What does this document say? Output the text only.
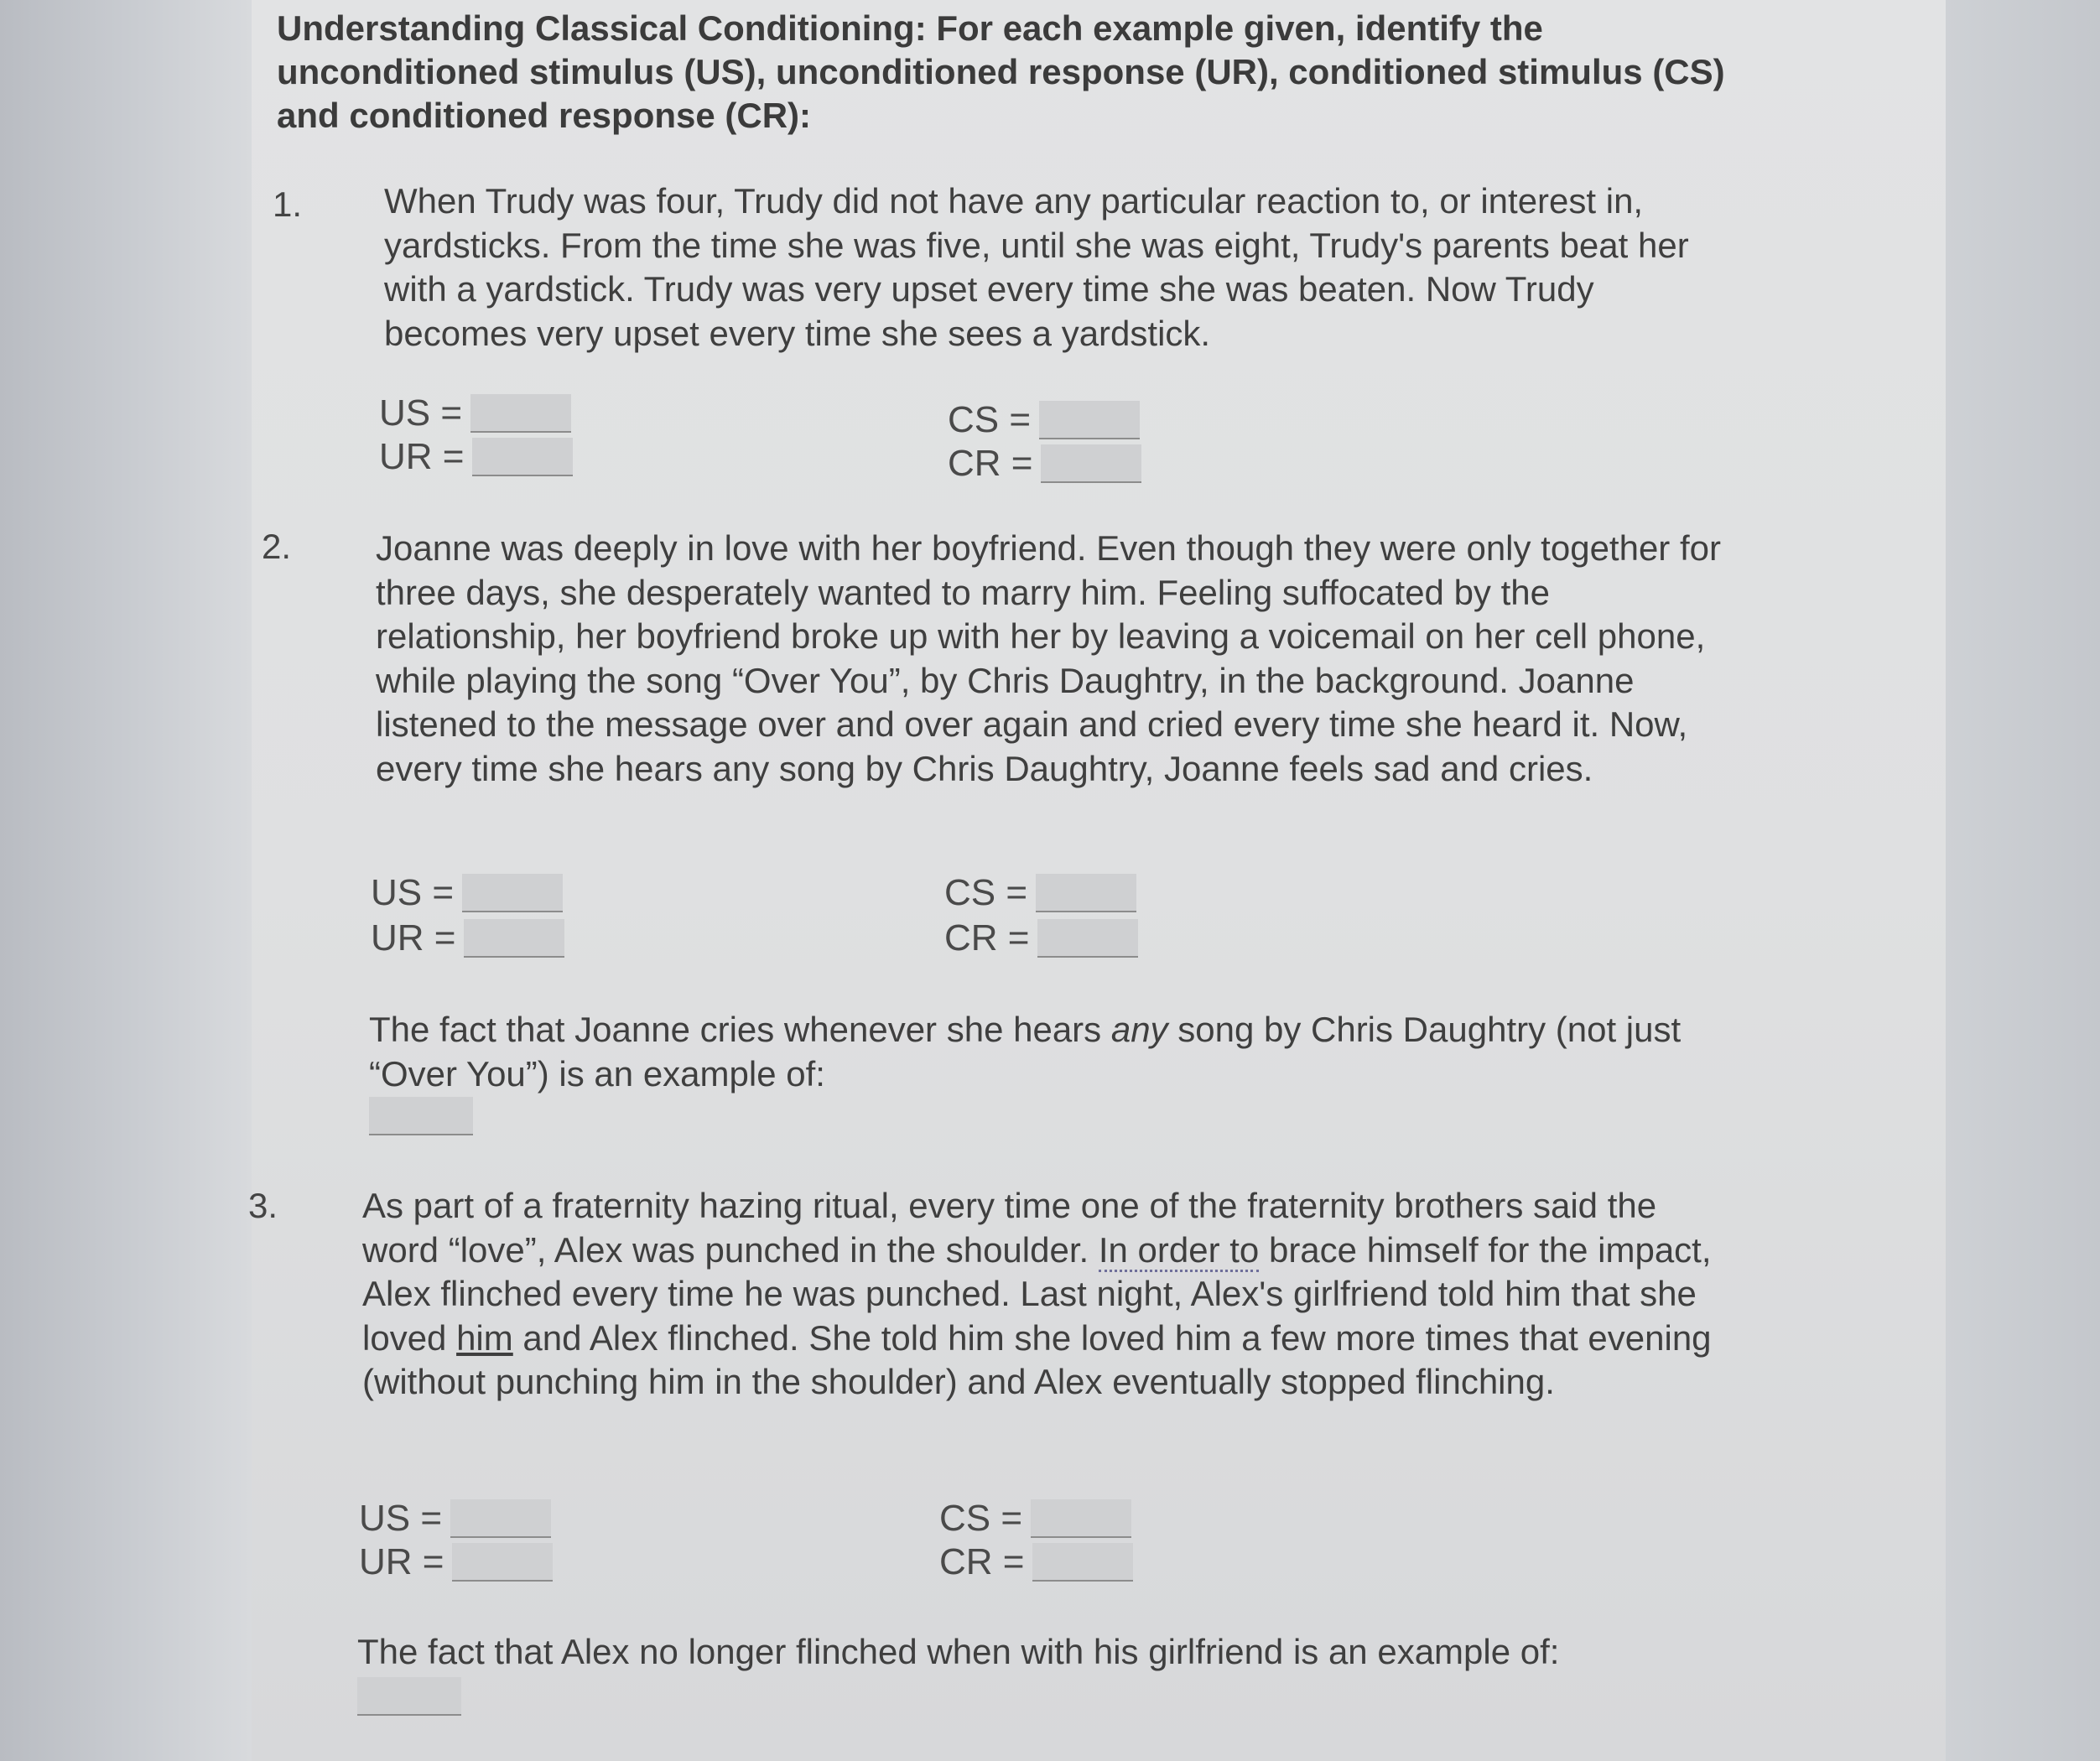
Understanding Classical Conditioning: For each example given, identify the unconditioned stimulus (US), unconditioned response (UR), conditioned stimulus (CS) and conditioned response (CR):
1. When Trudy was four, Trudy did not have any particular reaction to, or interest in, yardsticks. From the time she was five, until she was eight, Trudy's parents beat her with a yardstick. Trudy was very upset every time she was beaten. Now Trudy becomes very upset every time she sees a yardstick.
US =
UR =
CS =
CR =
2. Joanne was deeply in love with her boyfriend. Even though they were only together for three days, she desperately wanted to marry him. Feeling suffocated by the relationship, her boyfriend broke up with her by leaving a voicemail on her cell phone, while playing the song “Over You”, by Chris Daughtry, in the background. Joanne listened to the message over and over again and cried every time she heard it. Now, every time she hears any song by Chris Daughtry, Joanne feels sad and cries.
US =
UR =
CS =
CR =
The fact that Joanne cries whenever she hears any song by Chris Daughtry (not just “Over You”) is an example of:
3. As part of a fraternity hazing ritual, every time one of the fraternity brothers said the word “love”, Alex was punched in the shoulder. In order to brace himself for the impact, Alex flinched every time he was punched. Last night, Alex's girlfriend told him that she loved him and Alex flinched. She told him she loved him a few more times that evening (without punching him in the shoulder) and Alex eventually stopped flinching.
US =
UR =
CS =
CR =
The fact that Alex no longer flinched when with his girlfriend is an example of:
